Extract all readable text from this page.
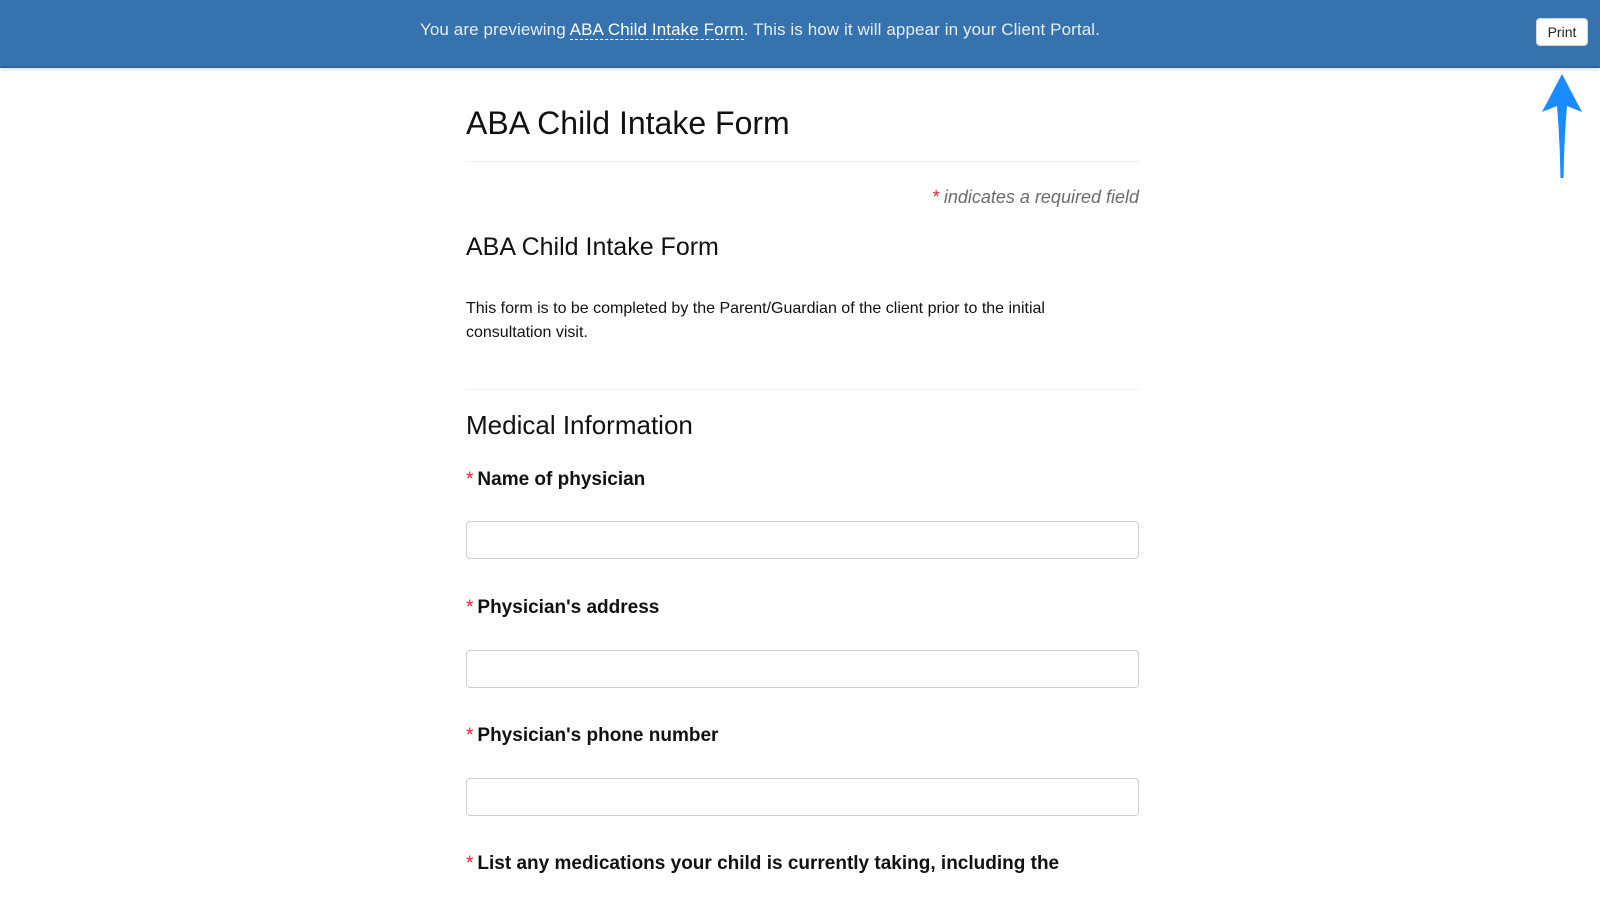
You are previewing ABA Child Intake Form. This is how it will appear in your Client Portal.	Print
ABA Child Intake Form
* indicates a required field
ABA Child Intake Form

This form is to be completed by the Parent/Guardian of the client prior to the initial consultation visit.

Medical Information
* Name of physician
* Physician's address
* Physician's phone number
* List any medications your child is currently taking, including the
